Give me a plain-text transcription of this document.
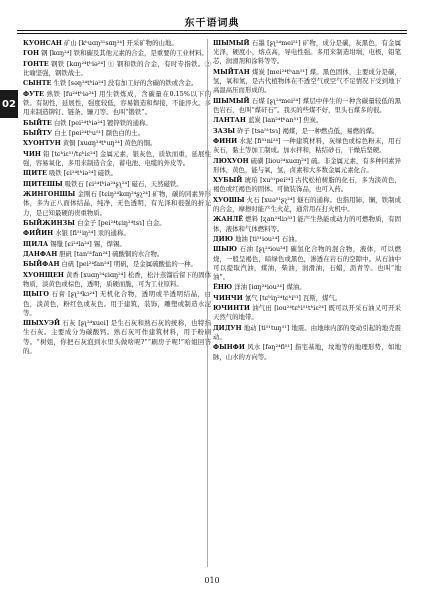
东干语词典
02
КУОНСАН 矿山 [kʰuɑŋ³¹sɑŋ²⁴] 开采矿物的山地。
ГОН 钢 [kɑŋ²⁴] 铁和碳及其他元素的合金，是重要的工业材料。
ГОНТЕ 钢铁 [kɑŋ²⁴tʰiə²⁴] ① 钢和铁的合金，有时专指铁。② 比喻坚强，钢铁战士。
СЫНТЕ 生铁 [səŋ²⁴tʰiə²⁴] 没有加工好的含碳的铁或含金。
ФУТЕ 熟铁 [fu²⁴tʰiə²⁴] 用生铁炼成，含碳量在0.15%以下的铁。有韧性，延展性，强度较低，容易锻造和焊接，不能淬火。多用来制造铆钉、链条、镰刀等。也叫“锻铁”。
БЫЙТЕ 白铁 [pei²⁴tʰiə²⁴] 镀锌铁的通称。
БЫЙТУ 白土 [pei²⁴tʰu⁵¹] 颜色白的土。
ХУОНТУН 黄铜 [xuɑŋ²⁴tʰuŋ²⁴] 黄色的铜。
ЧИН 铅 [tɕʰiɛ⁵¹/tɕʰiɛ²⁴] 金属元素，银灰色，质软而重，延展性强，容易氧化，多用来制造合金，蓄电池、电缆的外皮等。
ЩИТЕ 吸铁 [ɕi²⁴tʰiə²⁴] 磁铁。
ЩИТЕШЫ 吸铁石 [ɕi²⁴tʰiə²⁴ʂʅ²⁴] 磁石，天然磁铁。
ЖИНГОНШЫ 金刚石 [tɕiŋ²⁴kɑŋ²⁴ʂʅ²⁴] 矿物，碳的同素异形体，多为正八面体结晶，纯净，无色透明，有光泽和很强的折光力，是已知最硬的贵重物质。
БЫЙЖИНЗЫ 白金子 [pei²⁴tɕiŋ²⁴tsɿ] 白金。
ФИЙИН 水银 [fi⁵¹iŋ²⁴] 汞的通称。
ЩИЛА 锡镴 [ɕi²⁴la²⁴] 锡，焊锡。
ДАНФАН 胆矾 [tan⁵¹fan²⁴] 硫酸铜的水合物。
БЫЙФАН 白矾 [pei²⁴fan²⁴] 明矾，是金属硫酸盐的一种。
ХУОНЩЕН 黄香 [xuɑŋ²⁴ɕiɑŋ²⁴] 松香，松汁蒸馏后留下的固体物质，淡黄色或棕色，透明，质硬而脆，可为工业原料。
ЩЫГО 石膏 [ʂʅ²⁴kɔ²⁴] 无机化合物，透明或半透明结晶，白色，淡黄色，粉红色或灰色。用于建筑，装饰，雕塑或制造水泥等。
ШЫХУЭЙ 石灰 [ʂʅ²⁴xuei] 是生石灰和熟石灰的统称，也特指生石灰。主要成分为碳酸钙。熟石灰可作建筑材料，用于粉刷等。“树姐，你把石灰泡到水里头做啥呢?”“刷房子呢!”哈姐回答的。
ШЫМЫЙ 石墨 [ʂʅ²⁴mei⁵¹] 矿物，成分是碳，灰黑色，有金属光泽，硬度小，熔点高，导电性强。多用来制造坩埚，电极，铅笔芯，润滑剂和涂料等等。
МЫЙТАН 煤炭 [mei²⁴tʰan⁵¹] 煤。黑色固体，主要成分是碳，氢，氧和氮，是古代植物体在不透空气或空气不足情况下受到地下高温高压而形成的。
ШЫМЫЙ 石煤 [ʂʅ²⁴mei²⁴] 煤层中伴生的一种含碳量较低的黑色岩石，也叫“煤矸石”。我买的些煤不好，里头石煤多的很。
ЛАНТАН 蓝炭 [lan²⁴tʰan⁵¹] 焦炭。
ЗАЗЫ 砟子 [tsa⁵¹tsɿ] 褐煤，是一种燃点低，易燃的煤。
ФИНИ 水泥 [fi⁵¹ni²⁴] 一种建筑材料，灰绿色或棕色粉末，用石灰石，黏土等加工制成。加水拌和，粘结砂石，干燥后坚硬。
ЛЮХУОН 硫磺 [liou²⁴xuɑŋ²⁴] 硫。非金属元素，有多种同素异形体，黄色，能与氧，氢，卤素和大多数金属元素化合。
ХУБЫЙ 琥珀 [xu⁵¹pei²⁴] 古代松柏树脂的化石，多为淡黄色，褐色或红褐色的固体。可做装饰品，也可入药。
ХУОШЫ 火石 [xuə⁵¹ʂʅ²⁴] 燧石的通称。也指用铈，镧，铁制成的合金，摩擦时能产生火花，通常用在打火机中。
ЖАНЛЁ 燃料 [ʐan²⁴liɔ⁵¹] 能产生热能或动力的可燃物质，有固体，液体和气体燃料等。
ДИЮ 地油 [ti⁵¹iou²⁴] 石油。
ШЫЮ 石油 [ʂʅ²⁴iou²⁴] 碳氢化合物的混合物，液体，可以燃烧，一般呈褐色，暗绿色或黑色，渗透在岩石的空隙中。从石油中可以提取汽油，煤油，柴油，润滑油，石蜡，沥青等。也叫“地油”。
ЁНЮ 洋油 [iɑŋ²⁴iou²⁴] 煤油。
ЧИНЧИ 氰气 [tɕʰiŋ²⁴tɕʰi⁵¹] 瓦斯，煤气。
ЮЧИНТИ 油气田 [iou²⁴tɕʰi⁵¹tʰiɛ²⁴] 既可以开采石油又可开采天然气的地带。
ДИДУН 地动 [ti⁵¹tuŋ⁵¹] 地震。由地球内部的变动引起的地壳震动。
ФЫНФИ 风水 [fəŋ²⁴fi⁵¹] 指宅基地，坟地等的地理形势，如地脉，山水的方向等。
010
